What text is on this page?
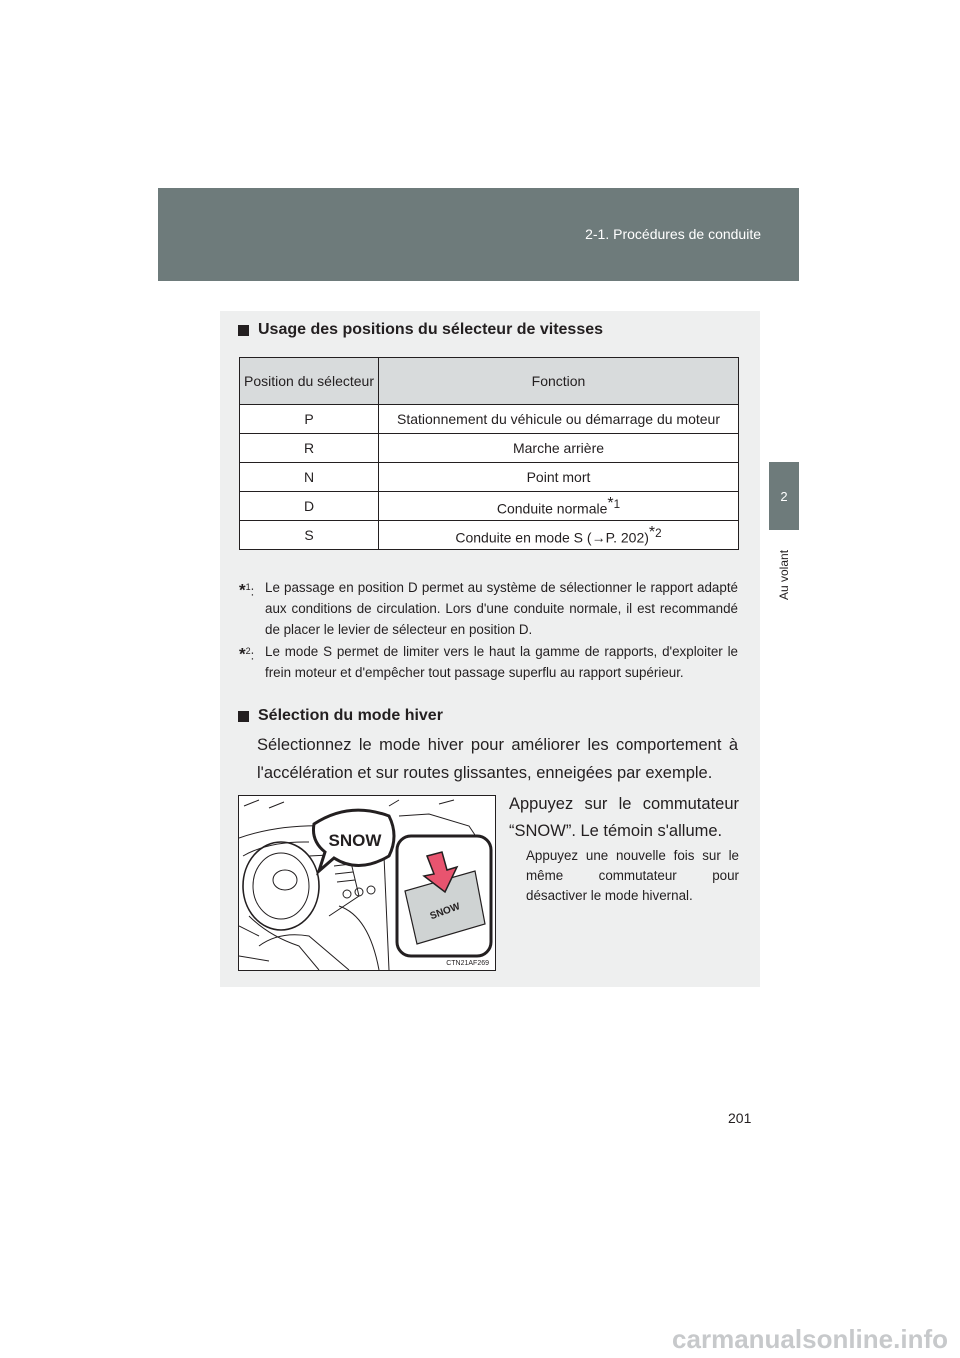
2-1. Procédures de conduite
2
Au volant
Usage des positions du sélecteur de vitesses
Position du sélecteur	Fonction
P	Stationnement du véhicule ou démarrage du moteur
R	Marche arrière
N	Point mort
D	Conduite normale$^{*1}$
S	Conduite en mode S (→P. 202)$^{*2}$
*$^1$: Le passage en position D permet au système de sélectionner le rapport adapté aux conditions de circulation. Lors d'une conduite normale, il est recommandé de placer le levier de sélecteur en position D.
*$^2$: Le mode S permet de limiter vers le haut la gamme de rapports, d'exploiter le frein moteur et d'empêcher tout passage superflu au rapport supérieur.
Sélection du mode hiver
Sélectionnez le mode hiver pour améliorer les comportement à l'accélération et sur routes glissantes, enneigées par exemple.
SNOW
SNOW
CTN21AF269
Appuyez sur le commutateur “SNOW”. Le témoin s'allume.
Appuyez une nouvelle fois sur le même commutateur pour désactiver le mode hivernal.
201
carmanualsonline.info
